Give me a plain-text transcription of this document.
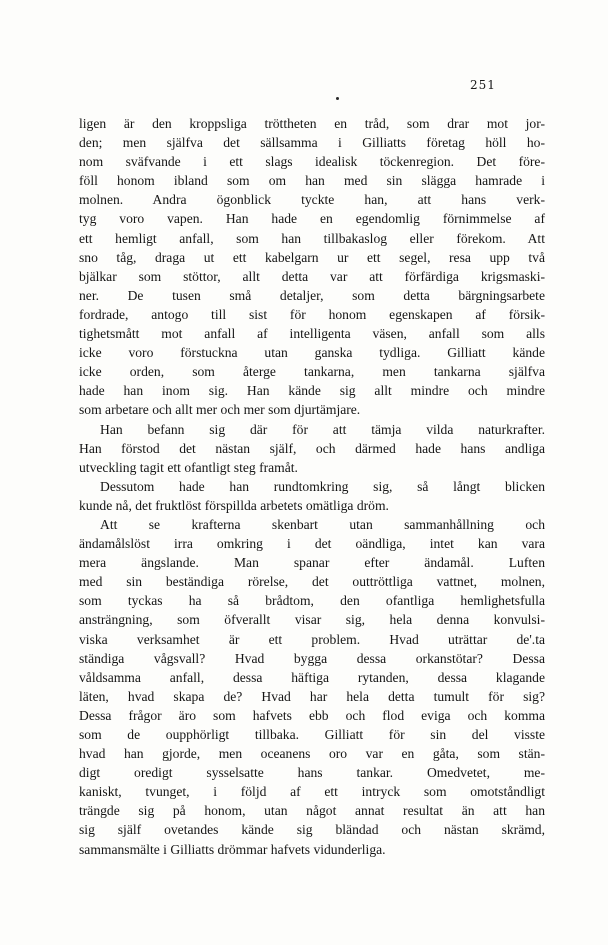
251
ligen är den kroppsliga tröttheten en tråd, som drar mot jor-
den; men själfva det sällsamma i Gilliatts företag höll ho-
nom sväfvande i ett slags idealisk töckenregion. Det före-
föll honom ibland som om han med sin slägga hamrade i
molnen. Andra ögonblick tyckte han, att hans verk-
tyg voro vapen. Han hade en egendomlig förnimmelse af
ett hemligt anfall, som han tillbakaslog eller förekom. Att
sno tåg, draga ut ett kabelgarn ur ett segel, resa upp två
bjälkar som stöttor, allt detta var att förfärdiga krigsmaski-
ner. De tusen små detaljer, som detta bärgningsarbete
fordrade, antogo till sist för honom egenskapen af försik-
tighetsmått mot anfall af intelligenta väsen, anfall som alls
icke voro förstuckna utan ganska tydliga. Gilliatt kände
icke orden, som återge tankarna, men tankarna själfva
hade han inom sig. Han kände sig allt mindre och mindre
som arbetare och allt mer och mer som djurtämjare.
Han befann sig där för att tämja vilda naturkrafter.
Han förstod det nästan själf, och därmed hade hans andliga
utveckling tagit ett ofantligt steg framåt.
Dessutom hade han rundtomkring sig, så långt blicken
kunde nå, det fruktlöst förspillda arbetets omätliga dröm.
Att se krafterna skenbart utan sammanhållning och
ändamålslöst irra omkring i det oändliga, intet kan vara
mera ängslande. Man spanar efter ändamål. Luften
med sin beständiga rörelse, det outtröttliga vattnet, molnen,
som tyckas ha så brådtom, den ofantliga hemlighetsfulla
ansträngning, som öfverallt visar sig, hela denna konvulsi-
viska verksamhet är ett problem. Hvad uträttar de'.ta
ständiga vågsvall? Hvad bygga dessa orkanstötar? Dessa
våldsamma anfall, dessa häftiga rytanden, dessa klagande
läten, hvad skapa de? Hvad har hela detta tumult för sig?
Dessa frågor äro som hafvets ebb och flod eviga och komma
som de oupphörligt tillbaka. Gilliatt för sin del visste
hvad han gjorde, men oceanens oro var en gåta, som stän-
digt oredigt sysselsatte hans tankar. Omedvetet, me-
kaniskt, tvunget, i följd af ett intryck som omotståndligt
trängde sig på honom, utan något annat resultat än att han
sig själf ovetandes kände sig bländad och nästan skrämd,
sammansmälte i Gilliatts drömmar hafvets vidunderliga.
